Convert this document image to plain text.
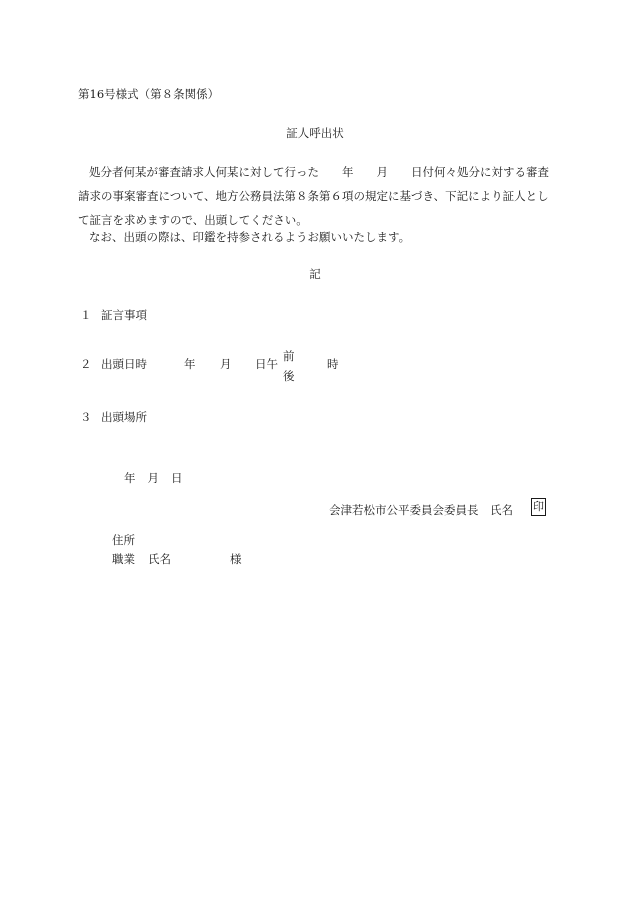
第16号様式（第８条関係）
証人呼出状
処分者何某が審査請求人何某に対して行った　　年　　月　　日付何々処分に対する審査請求の事案審査について、地方公務員法第８条第６項の規定に基づき、下記により証人として証言を求めますので、出頭してください。
なお、出頭の際は、印鑑を持参されるようお願いいたします。
記
１ 証言事項
２ 出頭日時	年 月 日午
前
後
時
３ 出頭場所
年 月 日
会津若松市公平委員会委員長　氏名 印
住所
職業 氏名	様
